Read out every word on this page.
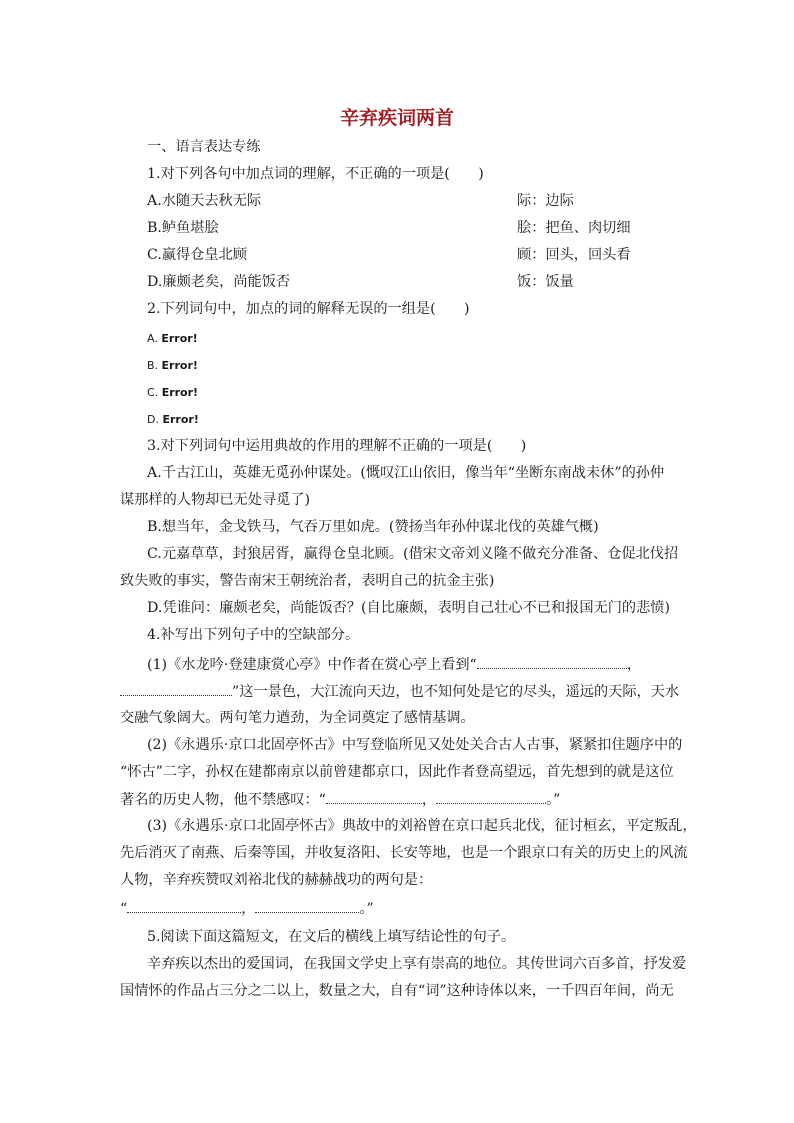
辛弃疾词两首
一、语言表达专练
1.对下列各句中加点词的理解，不正确的一项是(　　)
A.水随天去秋无际	际：边际
B.鲈鱼堪脍	脍：把鱼、肉切细
C.赢得仓皇北顾	顾：回头，回头看
D.廉颇老矣，尚能饭否	饭：饭量
2.下列词句中，加点的词的解释无误的一组是(　　)
A. Error!
B. Error!
C. Error!
D. Error!
3.对下列词句中运用典故的作用的理解不正确的一项是(　　)
A.千古江山，英雄无觅孙仲谋处。(慨叹江山依旧，像当年“坐断东南战未休”的孙仲
谋那样的人物却已无处寻觅了)
B.想当年，金戈铁马，气吞万里如虎。(赞扬当年孙仲谋北伐的英雄气概)
C.元嘉草草，封狼居胥，赢得仓皇北顾。(借宋文帝刘义隆不做充分准备、仓促北伐招
致失败的事实，警告南宋王朝统治者，表明自己的抗金主张)
D.凭谁问：廉颇老矣，尚能饭否？(自比廉颇，表明自己壮心不已和报国无门的悲愤)
4.补写出下列句子中的空缺部分。
(1)《水龙吟·登建康赏心亭》中作者在赏心亭上看到“	，
”这一景色，大江流向天边，也不知何处是它的尽头，遥远的天际，天水
交融气象阔大。两句笔力遒劲，为全词奠定了感情基调。
(2)《永遇乐·京口北固亭怀古》中写登临所见又处处关合古人古事，紧紧扣住题序中的
“怀古”二字，孙权在建都南京以前曾建都京口，因此作者登高望远，首先想到的就是这位
著名的历史人物，他不禁感叹：“	，	。”
(3)《永遇乐·京口北固亭怀古》典故中的刘裕曾在京口起兵北伐，征讨桓玄，平定叛乱，
先后消灭了南燕、后秦等国，并收复洛阳、长安等地，也是一个跟京口有关的历史上的风流
人物，辛弃疾赞叹刘裕北伐的赫赫战功的两句是：
“	，	。”
5.阅读下面这篇短文，在文后的横线上填写结论性的句子。
辛弃疾以杰出的爱国词，在我国文学史上享有崇高的地位。其传世词六百多首，抒发爱
国情怀的作品占三分之二以上，数量之大，自有“词”这种诗体以来，一千四百年间，尚无
